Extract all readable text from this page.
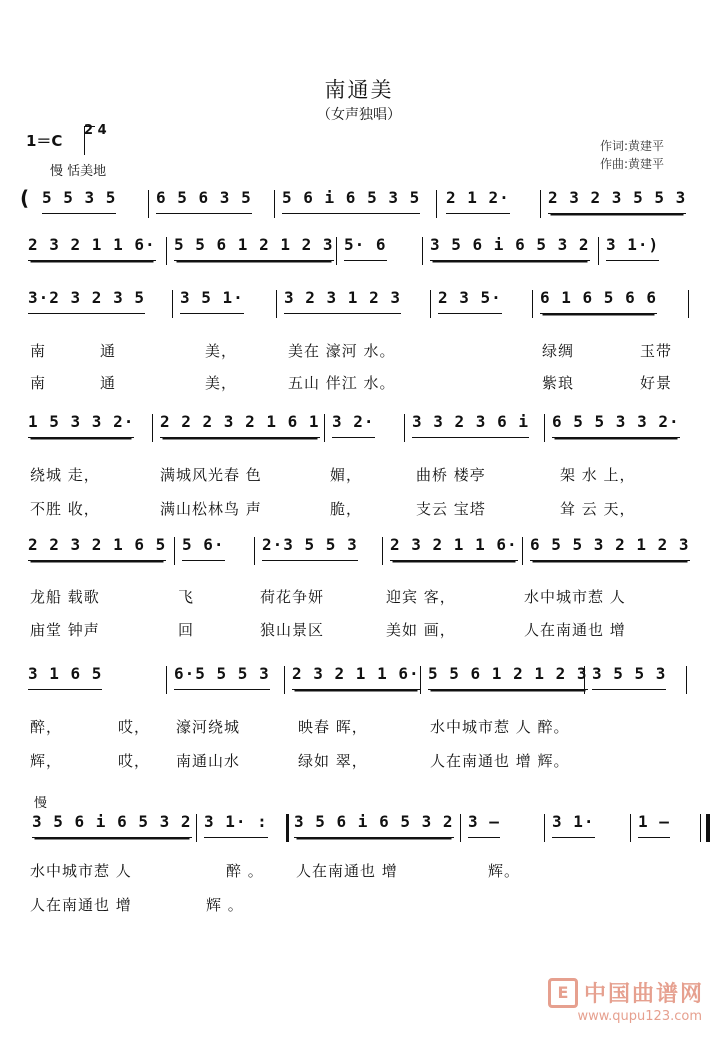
南通美
（女声独唱）
1＝C
2 4
慢 恬美地
作词:黄建平
作曲:黄建平
( 5 5 3 5 6 5 6 3 5 5 6 i 6 5 3 5 2 1 2· 2 3 2 3 5 5 3
2 3 2 1 1 6· 5 5 6 1 2 1 2 3 5· 6	3 5 6 i 6 5 3 2 3 1·)
3·2 3 2 3 5 3 5 1·	3 2 3 1 2 3 2 3 5· 6 1 6 5 6 6
南	通	美，	美在 濠河 水。	绿绸	玉带
南	通	美，	五山 伴江 水。	紫琅	好景
1 5 3 3 2· 2 2 2 3 2 1 6 1 3 2· 3 3 2 3 6 i 6 5 5 3 3 2·
绕城 走，	满城风光春 色	媚，	曲桥 楼亭	架 水 上，
不胜 收，	满山松林鸟 声	脆，	支云 宝塔	耸 云 天，
2 2 3 2 1 6 5 5 6· 2·3 5 5 3 2 3 2 1 1 6· 6 5 5 3 2 1 2 3
龙船 载歌	飞	荷花争妍	迎宾 客，	水中城市惹 人
庙堂 钟声	回	狼山景区	美如 画，	人在南通也 增
3 1 6 5	6·5 5 5 3 2 3 2 1 1 6· 5 5 6 1 2 1 2 3 3 5 5 3
醉，	哎， 濠河绕城	映春 晖，	水中城市惹 人 醉。
辉，	哎， 南通山水	绿如 翠，	人在南通也 增 辉。
慢
3 5 6 i 6 5 3 2 3 1· : 3 5 6 i 6 5 3 2 3 –	3 1·	1 –
水中城市惹 人	醉 。 人在南通也 增	辉。
人在南通也 增	辉 。
E 中国曲谱网
www.qupu123.com
